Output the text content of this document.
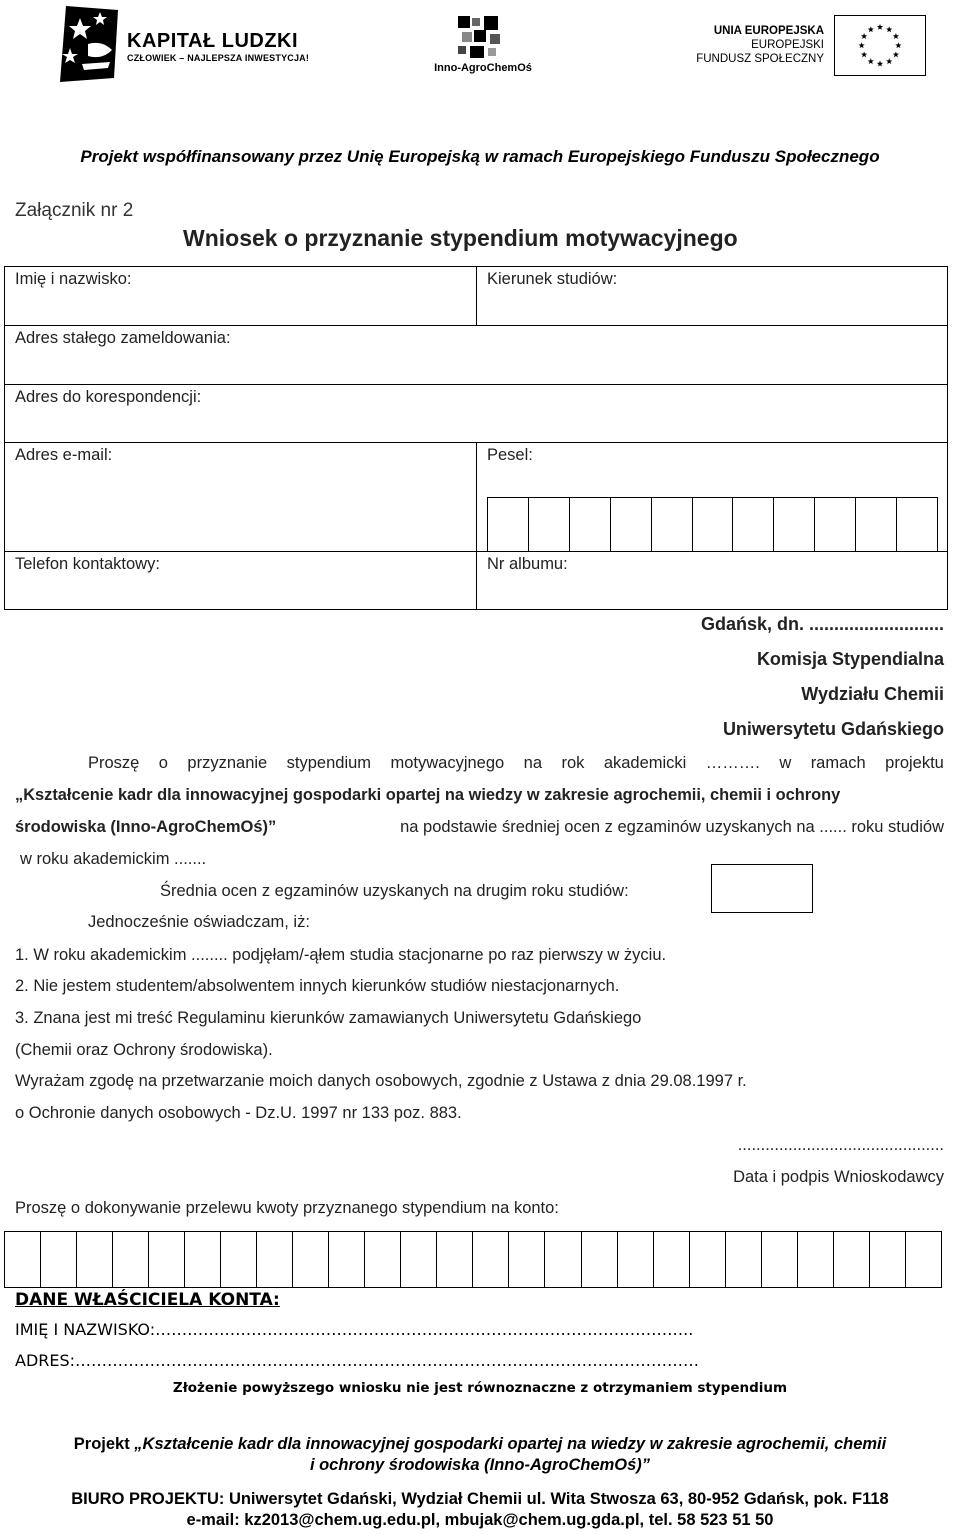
KAPITAŁ LUDZKI
CZŁOWIEK – NAJLEPSZA INWESTYCJA!
Inno-AgroChemOś
UNIA EUROPEJSKA
EUROPEJSKI
FUNDUSZ SPOŁECZNY
Projekt współfinansowany przez Unię Europejską w ramach Europejskiego Funduszu Społecznego
Załącznik nr 2
Wniosek o przyznanie stypendium motywacyjnego
Imię i nazwisko:	Kierunek studiów:
Adres stałego zameldowania:
Adres do korespondencji:
Adres e-mail:	Pesel:
Telefon kontaktowy:	Nr albumu:
Gdańsk, dn. ...........................
Komisja Stypendialna
Wydziału Chemii
Uniwersytetu Gdańskiego
Proszę o przyznanie stypendium motywacyjnego na rok akademicki ………. w ramach projektu
„Kształcenie kadr dla innowacyjnej gospodarki opartej na wiedzy w zakresie agrochemii, chemii i ochrony
środowiska (Inno-AgroChemOś)”	na podstawie średniej ocen z egzaminów uzyskanych na ...... roku studiów
w roku akademickim .......
Średnia ocen z egzaminów uzyskanych na drugim roku studiów:
Jednocześnie oświadczam, iż:
1. W roku akademickim ........ podjęłam/-ąłem studia stacjonarne po raz pierwszy w życiu.
2. Nie jestem studentem/absolwentem innych kierunków studiów niestacjonarnych.
3. Znana jest mi treść Regulaminu kierunków zamawianych Uniwersytetu Gdańskiego
(Chemii oraz Ochrony środowiska).
Wyrażam zgodę na przetwarzanie moich danych osobowych, zgodnie z Ustawa z dnia 29.08.1997 r.
o Ochronie danych osobowych - Dz.U. 1997 nr 133 poz. 883.
.............................................
Data i podpis Wnioskodawcy
Proszę o dokonywanie przelewu kwoty przyznanego stypendium na konto:
DANE WŁAŚCICIELA KONTA:
IMIĘ I NAZWISKO:………………………………………………………………………………………..
ADRES:………………………………………………………………………………………………………
Złożenie powyższego wniosku nie jest równoznaczne z otrzymaniem stypendium
Projekt „Kształcenie kadr dla innowacyjnej gospodarki opartej na wiedzy w zakresie agrochemii, chemii
i ochrony środowiska (Inno-AgroChemOś)”
BIURO PROJEKTU: Uniwersytet Gdański, Wydział Chemii ul. Wita Stwosza 63, 80-952 Gdańsk, pok. F118
e-mail: kz2013@chem.ug.edu.pl, mbujak@chem.ug.gda.pl, tel. 58 523 51 50
